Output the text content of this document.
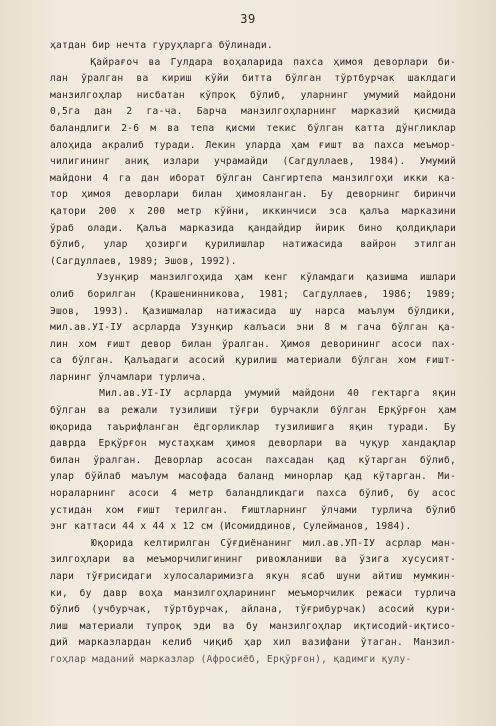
39
ҳатдан бир нечта гуруҳларга бўлинади.
Қайрағоч ва Гулдара воҳаларида пахса ҳимоя деворлари би-
лан ўралган ва кириш кўйи битта бўлган тўртбурчак шаклдаги
манзилгоҳлар нисбатан кўпроқ бўлиб, уларнинг умумий майдони
0,5га дан 2 га-ча. Барча манзилгоҳларнинг марказий қисмида
баландлиги 2-6 м ва тепа қисми текис бўлган катта дўнгликлар
алоҳида акралиб туради. Лекин уларда ҳам ғишт ва пахса меъмор-
чилигининг аниқ излари учрамайди (Сагдуллаев, 1984). Умумий
майдони 4 га дан иборат бўлган Сангиртепа манзилгоҳи икки ка-
тор ҳимоя деворлари билан ҳимояланган. Бу деворнинг биринчи
қатори 200 х 200 метр кўйни, иккинчиси эса қалъа марказини
ўраб олади. Қалъа марказида қандайдир йирик бино қолдиқлари
бўлиб, улар ҳозирги қурилишлар натижасида вайрон этилган
(Сагдуллаев, 1989; Эшов, 1992).
Узунқир манзилгоҳида ҳам кенг кўламдаги қазишма ишлари
олиб борилган (Крашенинникова, 1981; Сагдуллаев, 1986; 1989;
Эшов, 1993). Қазишмалар натижасида шу нарса маълум бўлдики,
мил.ав.УI-IУ асрларда Узунқир калъаси эни 8 м гача бўлган қа-
лин хом ғишт девор билан ўралган. Ҳимоя деворининг асоси пах-
са бўлган. Қалъадаги асосий қурилиш материали бўлган хом ғишт-
ларнинг ўлчамлари турлича.
Мил.ав.УI-IУ асрларда умумий майдони 40 гектарга яқин
бўлган ва режали тузилиши тўғри бурчакли бўлган Ерқўрғон ҳам
юқорида таърифланган ёдгорликлар тузилишига яқин туради. Бу
даврда Ерқўрғон мустаҳкам ҳимоя деворлари ва чуқур хандақлар
билан ўралган. Деворлар асосан пахсадан қад кўтарган бўлиб,
улар бўйлаб маълум масофада баланд минорлар қад кўтарган. Ми-
ноpаларнинг асоси 4 метр баландликдаги пахса бўлиб, бу асос
устидан хом ғишт терилган. Ғиштларнинг ўлчами турлича бўлиб
энг каттаси 44 х 44 х 12 см (Исомиддинов, Сулейманов, 1984).
Юқорида келтирилган Сўғдиёнанинг мил.ав.УП-IУ асрлар ман-
зилгоҳлари ва меъморчилигининг ривожланиши ва ўзига хусусият-
лари тўғрисидаги хулосаларимизга якун ясаб шуни айтиш мумкин-
ки, бу давр воҳа манзилгоҳларининг меъморчилик режаси турлича
бўлиб (учбурчак, тўртбурчак, айлана, тўғрибурчак) асосий қури-
лиш материали тупроқ эди ва бу манзилгоҳлар иқтисодий-иқтисо-
дий марказлардан келиб чиқиб ҳар хил вазифани ўтаган. Манзил-
гоҳлар маданий марказлар (Афросиёб, Ерқўрғон), қадимги қулу-
